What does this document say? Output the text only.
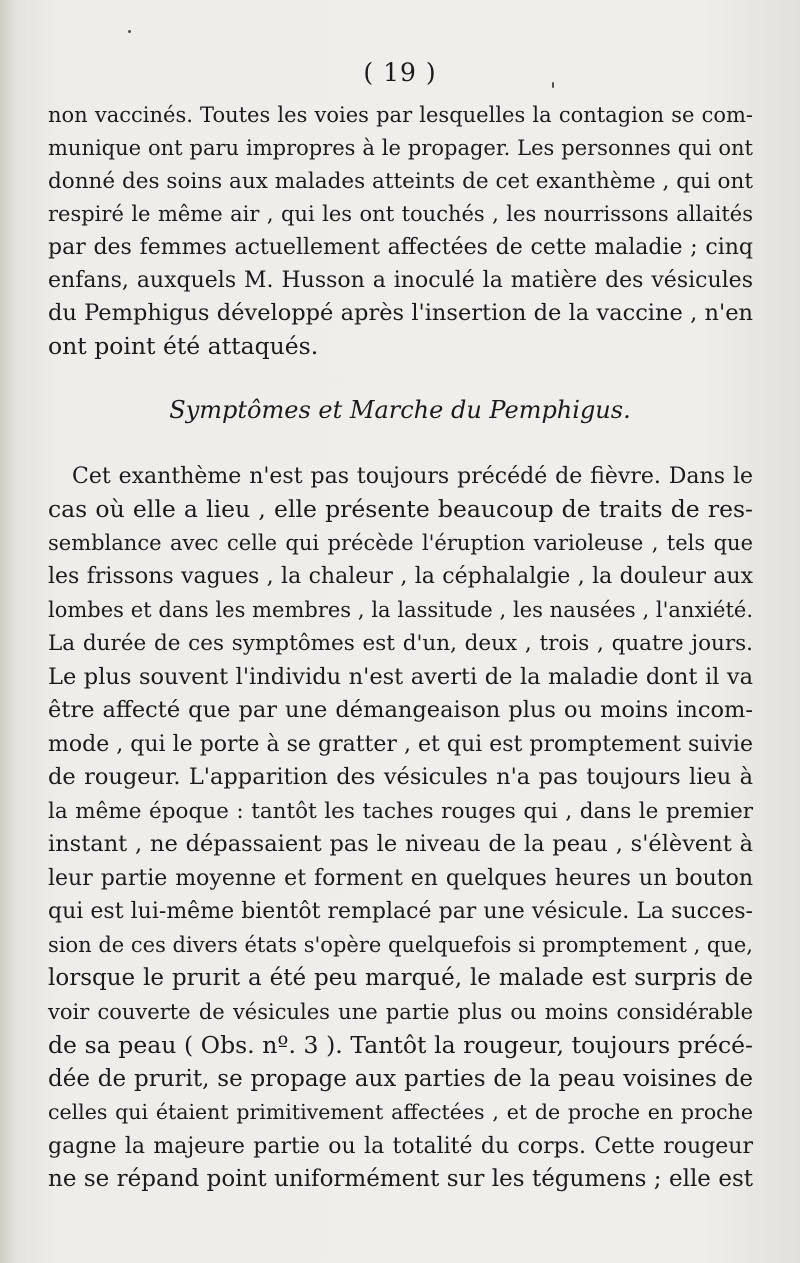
( 19 )
non vaccinés. Toutes les voies par lesquelles la contagion se com-
munique ont paru impropres à le propager. Les personnes qui ont
donné des soins aux malades atteints de cet exanthème , qui ont
respiré le même air , qui les ont touchés , les nourrissons allaités
par des femmes actuellement affectées de cette maladie ; cinq
enfans, auxquels M. Husson a inoculé la matière des vésicules
du Pemphigus développé après l'insertion de la vaccine , n'en
ont point été attaqués.
Symptômes et Marche du Pemphigus.
Cet exanthème n'est pas toujours précédé de fièvre. Dans le
cas où elle a lieu , elle présente beaucoup de traits de res-
semblance avec celle qui précède l'éruption varioleuse , tels que
les frissons vagues , la chaleur , la céphalalgie , la douleur aux
lombes et dans les membres , la lassitude , les nausées , l'anxiété.
La durée de ces symptômes est d'un, deux , trois , quatre jours.
Le plus souvent l'individu n'est averti de la maladie dont il va
être affecté que par une démangeaison plus ou moins incom-
mode , qui le porte à se gratter , et qui est promptement suivie
de rougeur. L'apparition des vésicules n'a pas toujours lieu à
la même époque : tantôt les taches rouges qui , dans le premier
instant , ne dépassaient pas le niveau de la peau , s'élèvent à
leur partie moyenne et forment en quelques heures un bouton
qui est lui-même bientôt remplacé par une vésicule. La succes-
sion de ces divers états s'opère quelquefois si promptement , que,
lorsque le prurit a été peu marqué, le malade est surpris de
voir couverte de vésicules une partie plus ou moins considérable
de sa peau ( Obs. nº. 3 ). Tantôt la rougeur, toujours précé-
dée de prurit, se propage aux parties de la peau voisines de
celles qui étaient primitivement affectées , et de proche en proche
gagne la majeure partie ou la totalité du corps. Cette rougeur
ne se répand point uniformément sur les tégumens ; elle est
